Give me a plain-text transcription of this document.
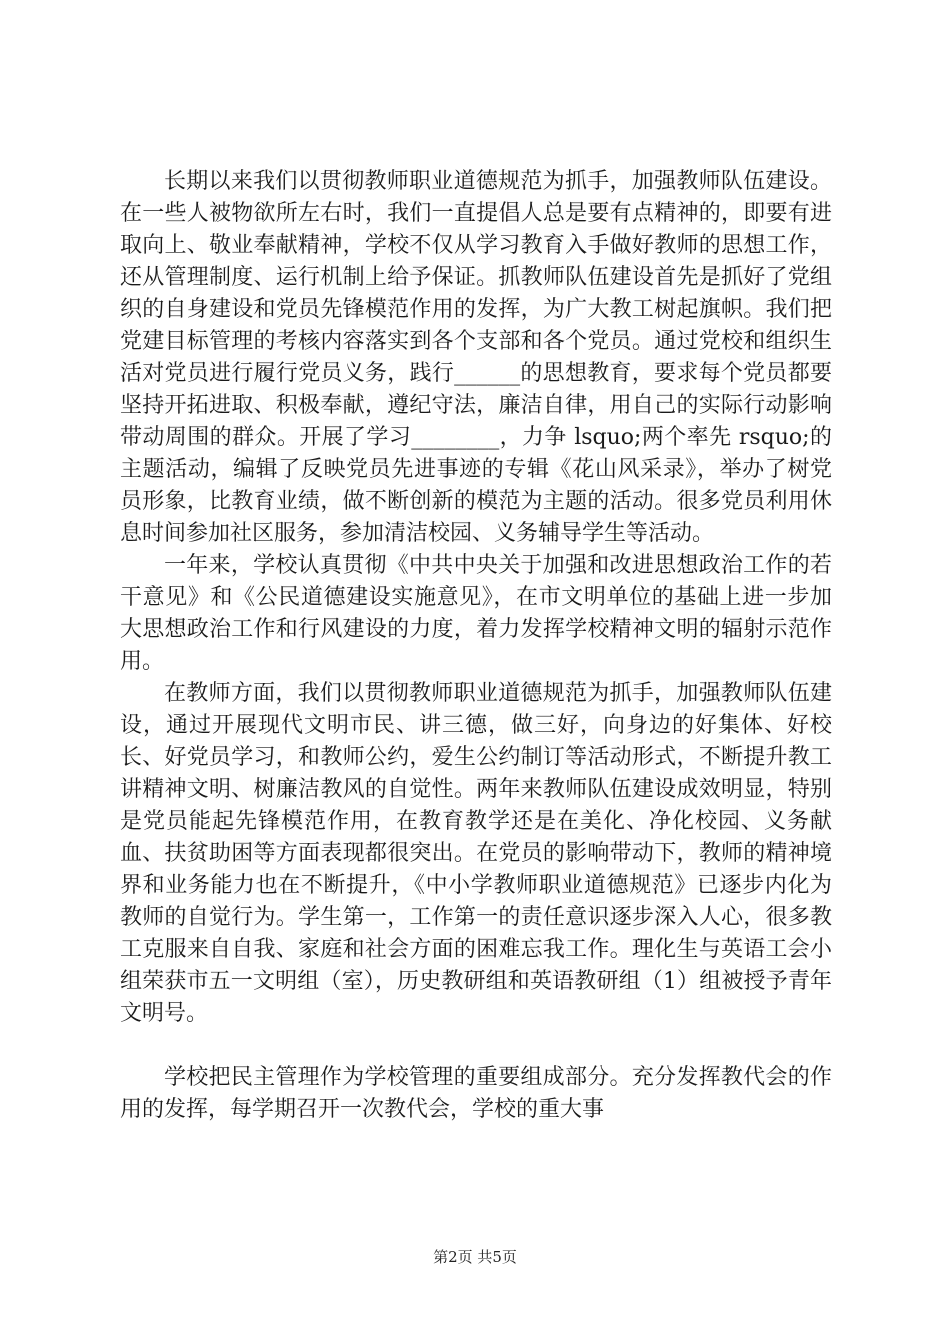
长期以来我们以贯彻教师职业道德规范为抓手，加强教师队伍建设。在一些人被物欲所左右时，我们一直提倡人总是要有点精神的，即要有进取向上、敬业奉献精神，学校不仅从学习教育入手做好教师的思想工作，还从管理制度、运行机制上给予保证。抓教师队伍建设首先是抓好了党组织的自身建设和党员先锋模范作用的发挥，为广大教工树起旗帜。我们把党建目标管理的考核内容落实到各个支部和各个党员。通过党校和组织生活对党员进行履行党员义务，践行______的思想教育，要求每个党员都要坚持开拓进取、积极奉献，遵纪守法，廉洁自律，用自己的实际行动影响带动周围的群众。开展了学习________，力争 lsquo;两个率先 rsquo;的主题活动，编辑了反映党员先进事迹的专辑《花山风采录》，举办了树党员形象，比教育业绩，做不断创新的模范为主题的活动。很多党员利用休息时间参加社区服务，参加清洁校园、义务辅导学生等活动。

一年来，学校认真贯彻《中共中央关于加强和改进思想政治工作的若干意见》和《公民道德建设实施意见》，在市文明单位的基础上进一步加大思想政治工作和行风建设的力度，着力发挥学校精神文明的辐射示范作用。

在教师方面，我们以贯彻教师职业道德规范为抓手，加强教师队伍建设，通过开展现代文明市民、讲三德，做三好，向身边的好集体、好校长、好党员学习，和教师公约，爱生公约制订等活动形式，不断提升教工讲精神文明、树廉洁教风的自觉性。两年来教师队伍建设成效明显，特别是党员能起先锋模范作用，在教育教学还是在美化、净化校园、义务献血、扶贫助困等方面表现都很突出。在党员的影响带动下，教师的精神境界和业务能力也在不断提升，《中小学教师职业道德规范》已逐步内化为教师的自觉行为。学生第一，工作第一的责任意识逐步深入人心，很多教工克服来自自我、家庭和社会方面的困难忘我工作。理化生与英语工会小组荣获市五一文明组（室），历史教研组和英语教研组（1）组被授予青年文明号。

学校把民主管理作为学校管理的重要组成部分。充分发挥教代会的作用的发挥，每学期召开一次教代会，学校的重大事

第2页 共5页
